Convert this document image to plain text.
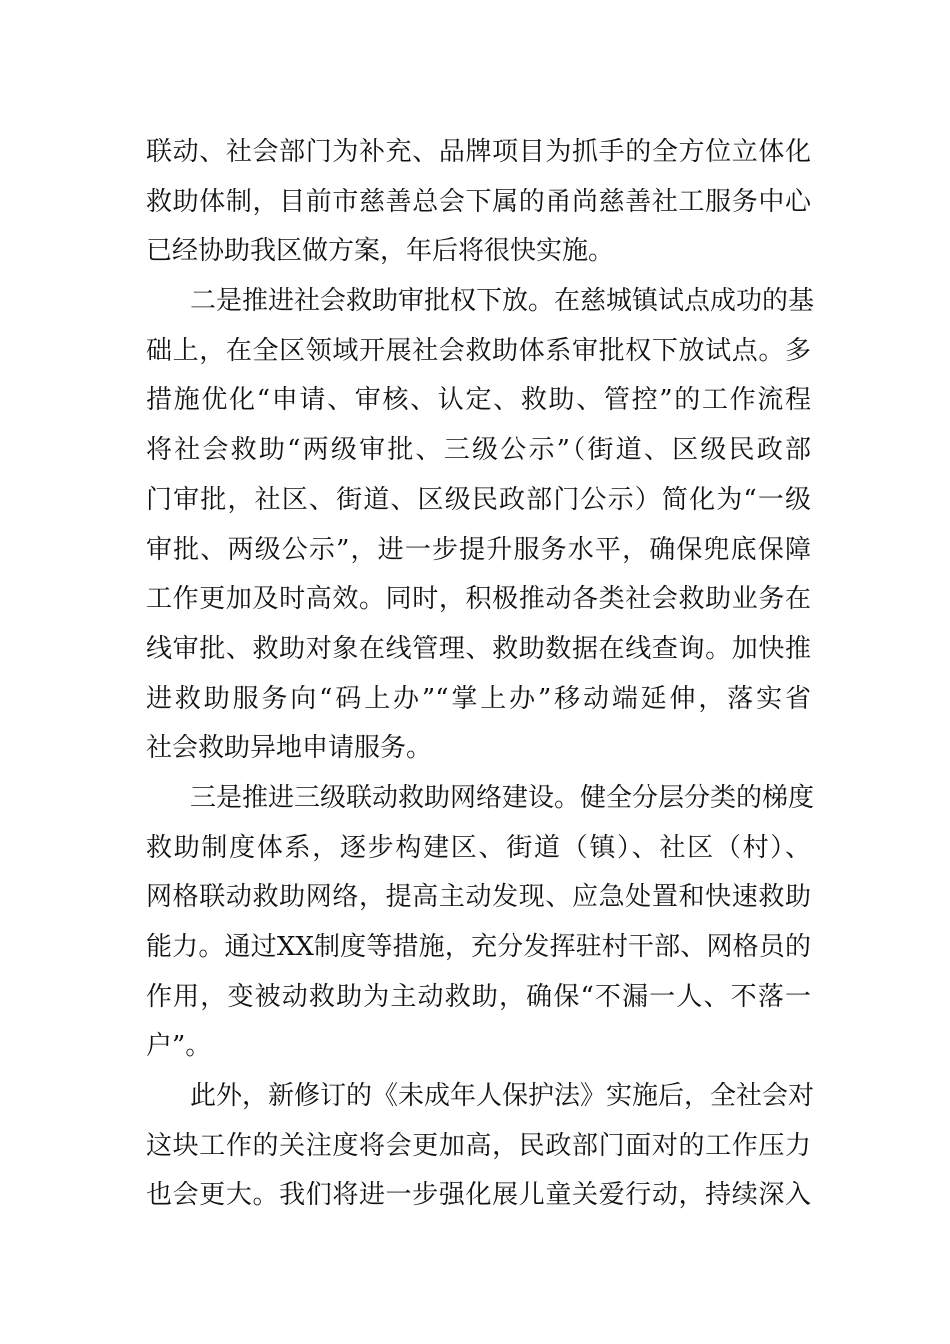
联动、社会部门为补充、品牌项目为抓手的全方位立体化
救助体制，目前市慈善总会下属的甬尚慈善社工服务中心
已经协助我区做方案，年后将很快实施。
二是推进社会救助审批权下放。在慈城镇试点成功的基
础上，在全区领域开展社会救助体系审批权下放试点。多
措施优化“申请、审核、认定、救助、管控”的工作流程
将社会救助“两级审批、三级公示”（街道、区级民政部
门审批，社区、街道、区级民政部门公示）简化为“一级
审批、两级公示”，进一步提升服务水平，确保兜底保障
工作更加及时高效。同时，积极推动各类社会救助业务在
线审批、救助对象在线管理、救助数据在线查询。加快推
进救助服务向“码上办”“掌上办”移动端延伸，落实省
社会救助异地申请服务。
三是推进三级联动救助网络建设。健全分层分类的梯度
救助制度体系，逐步构建区、街道（镇）、社区（村）、
网格联动救助网络，提高主动发现、应急处置和快速救助
能力。通过XX制度等措施，充分发挥驻村干部、网格员的
作用，变被动救助为主动救助，确保“不漏一人、不落一
户”。
此外，新修订的《未成年人保护法》实施后，全社会对
这块工作的关注度将会更加高，民政部门面对的工作压力
也会更大。我们将进一步强化展儿童关爱行动，持续深入
